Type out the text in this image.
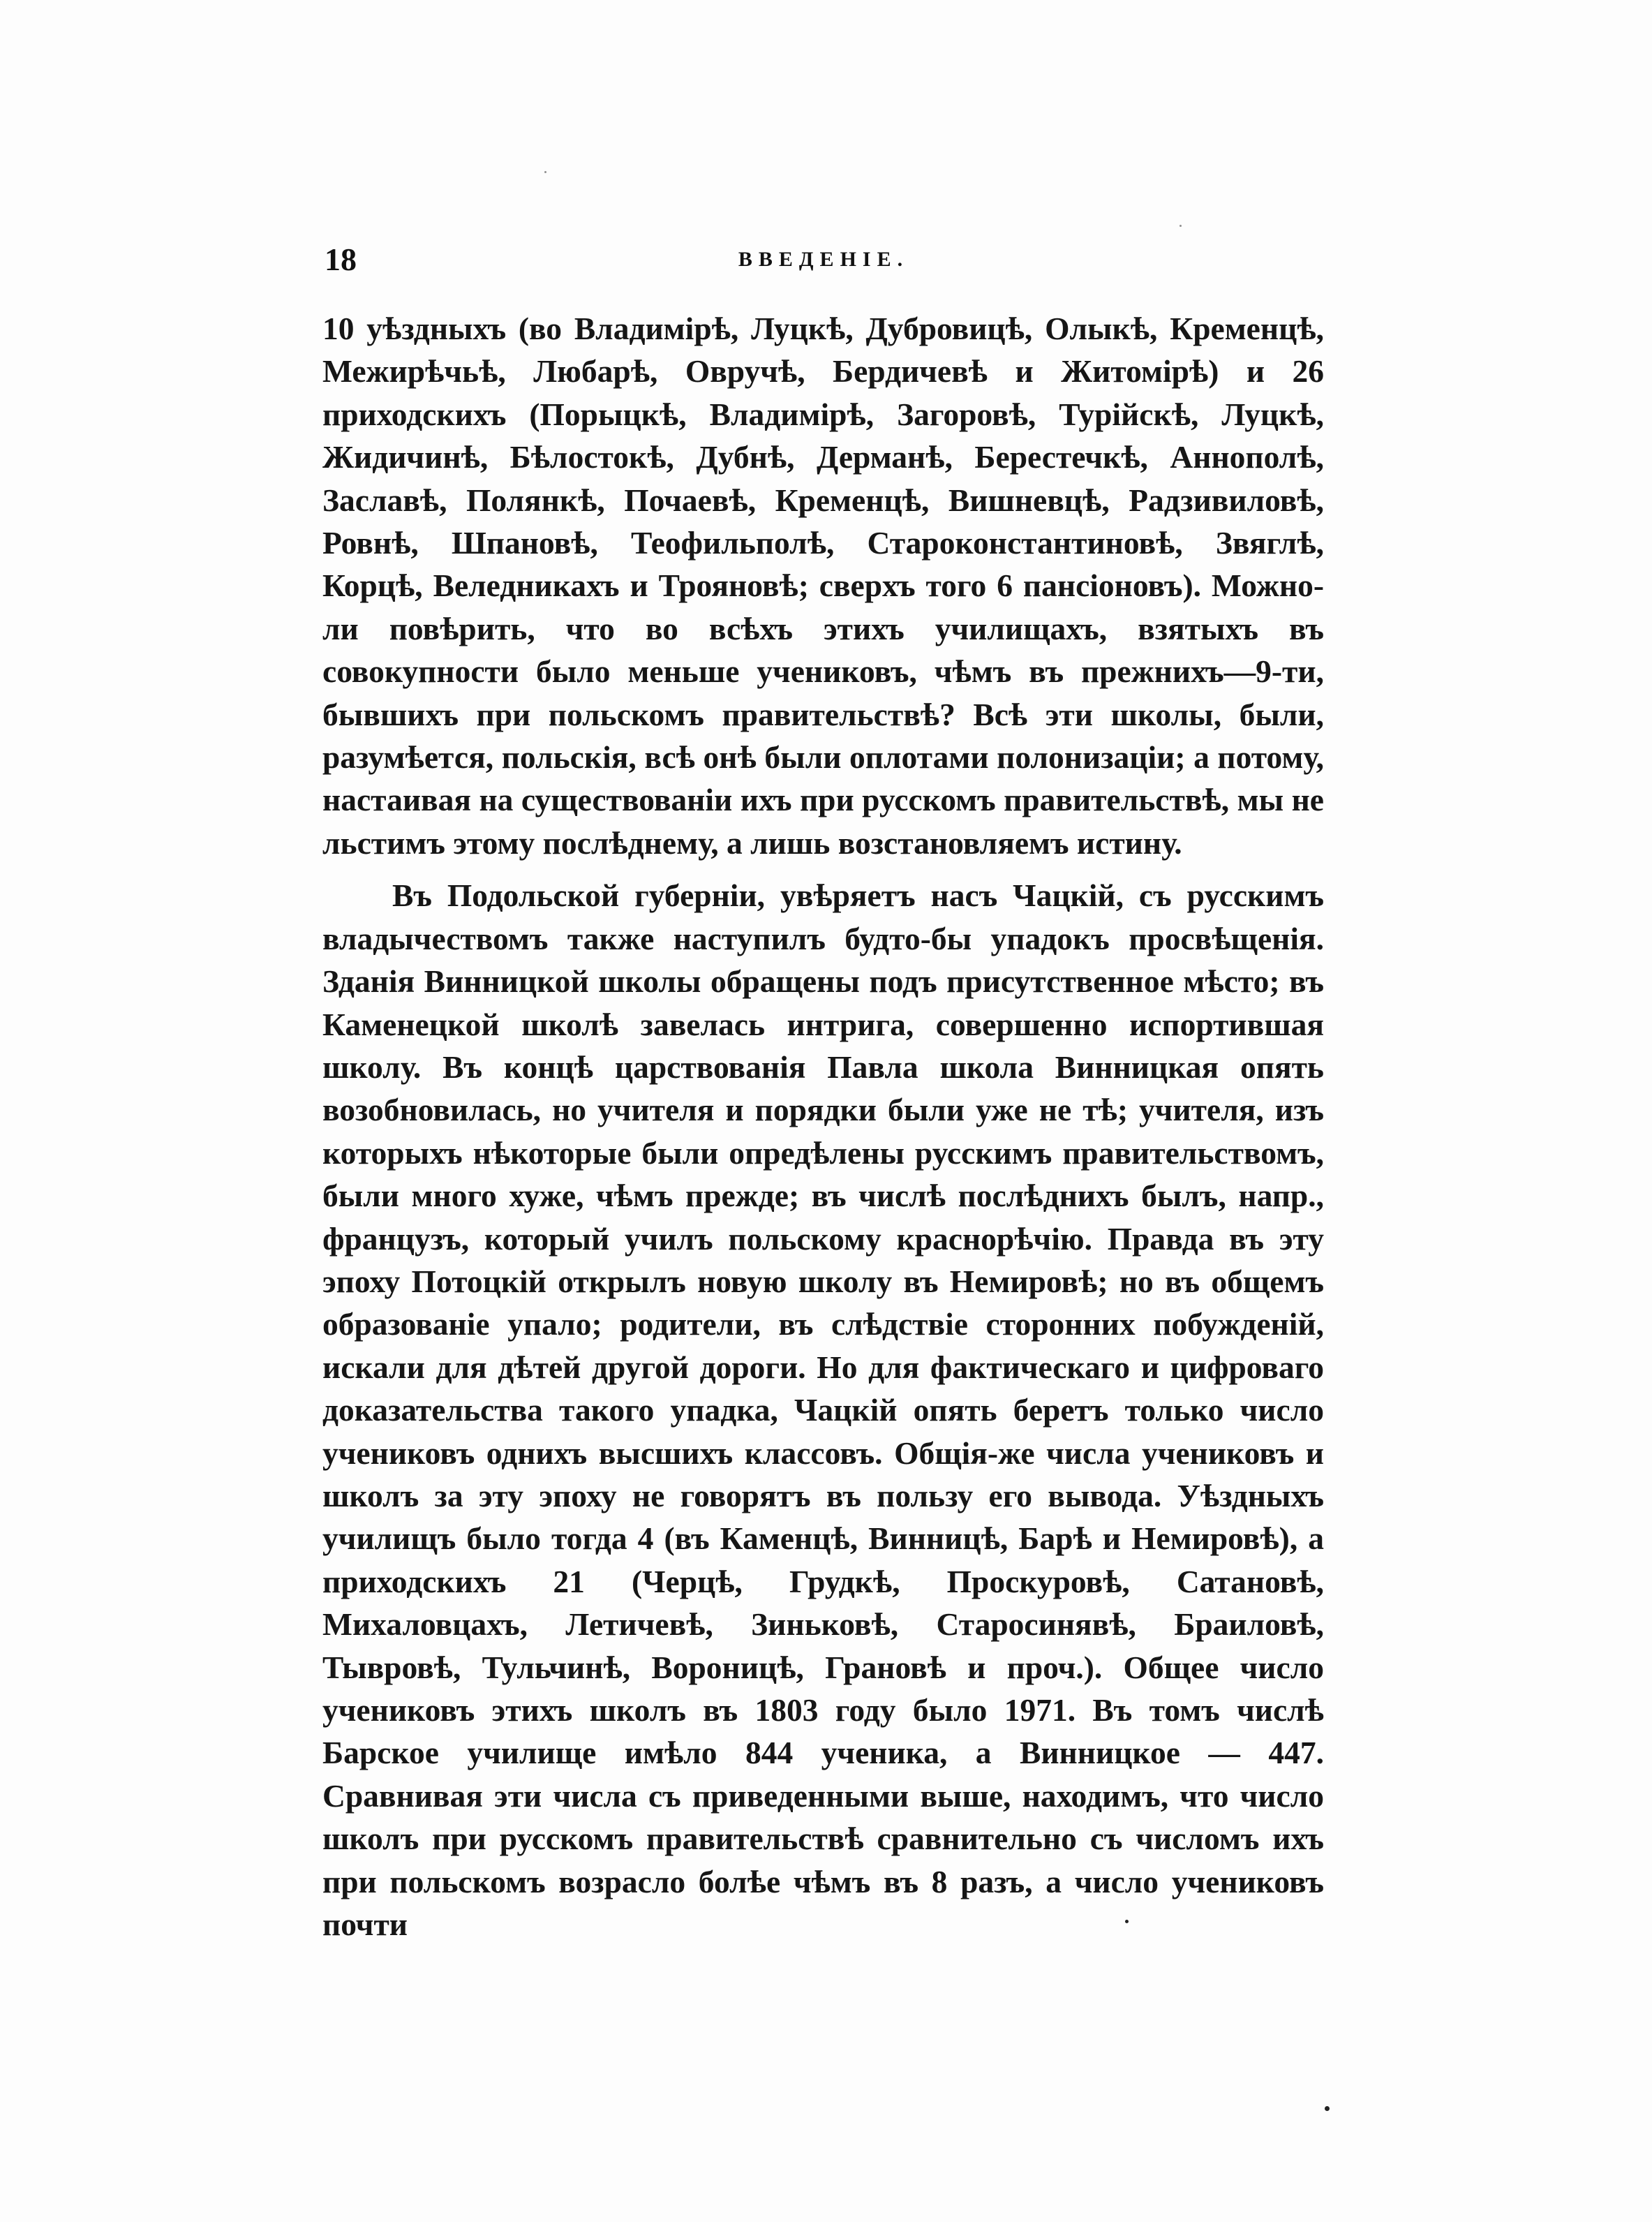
18	ВВЕДЕНІЕ.

10 уѣздныхъ (во Владимірѣ, Луцкѣ, Дубровицѣ, Олыкѣ, Кременцѣ, Межирѣчьѣ, Любарѣ, Овручѣ, Бердичевѣ и Житомірѣ) и 26 приходскихъ (Порыцкѣ, Владимірѣ, Загоровѣ, Турійскѣ, Луцкѣ, Жидичинѣ, Бѣлостокѣ, Дубнѣ, Дерманѣ, Берестечкѣ, Аннополѣ, Заславѣ, Полянкѣ, Почаевѣ, Кременцѣ, Вишневцѣ, Радзивиловѣ, Ровнѣ, Шпановѣ, Теофильполѣ, Староконстантиновѣ, Звяглѣ, Корцѣ, Веледникахъ и Трояновѣ; сверхъ того 6 пансіоновъ). Можно-ли повѣрить, что во всѣхъ этихъ училищахъ, взятыхъ въ совокупности было меньше учениковъ, чѣмъ въ прежнихъ—9-ти, бывшихъ при польскомъ правительствѣ? Всѣ эти школы, были, разумѣется, польскія, всѣ онѣ были оплотами полонизаціи; а потому, настаивая на существованіи ихъ при русскомъ правительствѣ, мы не льстимъ этому послѣднему, а лишь возстановляемъ истину.

Въ Подольской губерніи, увѣряетъ насъ Чацкій, съ русскимъ владычествомъ также наступилъ будто-бы упадокъ просвѣщенія. Зданія Винницкой школы обращены подъ присутственное мѣсто; въ Каменецкой школѣ завелась интрига, совершенно испортившая школу. Въ концѣ царствованія Павла школа Винницкая опять возобновилась, но учителя и порядки были уже не тѣ; учителя, изъ которыхъ нѣкоторые были опредѣлены русскимъ правительствомъ, были много хуже, чѣмъ прежде; въ числѣ послѣднихъ былъ, напр., французъ, который училъ польскому краснорѣчію. Правда въ эту эпоху Потоцкій открылъ новую школу въ Немировѣ; но въ общемъ образованіе упало; родители, въ слѣдствіе сторонних побужденій, искали для дѣтей другой дороги. Но для фактическаго и цифроваго доказательства такого упадка, Чацкій опять беретъ только число учениковъ однихъ высшихъ классовъ. Общія-же числа учениковъ и школъ за эту эпоху не говорятъ въ пользу его вывода. Уѣздныхъ училищъ было тогда 4 (въ Каменцѣ, Винницѣ, Барѣ и Немировѣ), а приходскихъ 21 (Черцѣ, Грудкѣ, Проскуровѣ, Сатановѣ, Михаловцахъ, Летичевѣ, Зиньковѣ, Старосинявѣ, Браиловѣ, Тывровѣ, Тульчинѣ, Вороницѣ, Грановѣ и проч.). Общее число учениковъ этихъ школъ въ 1803 году было 1971. Въ томъ числѣ Барское училище имѣло 844 ученика, а Винницкое — 447. Сравнивая эти числа съ приведенными выше, находимъ, что число школъ при русскомъ правительствѣ сравнительно съ числомъ ихъ при польскомъ возрасло болѣе чѣмъ въ 8 разъ, а число учениковъ почти
